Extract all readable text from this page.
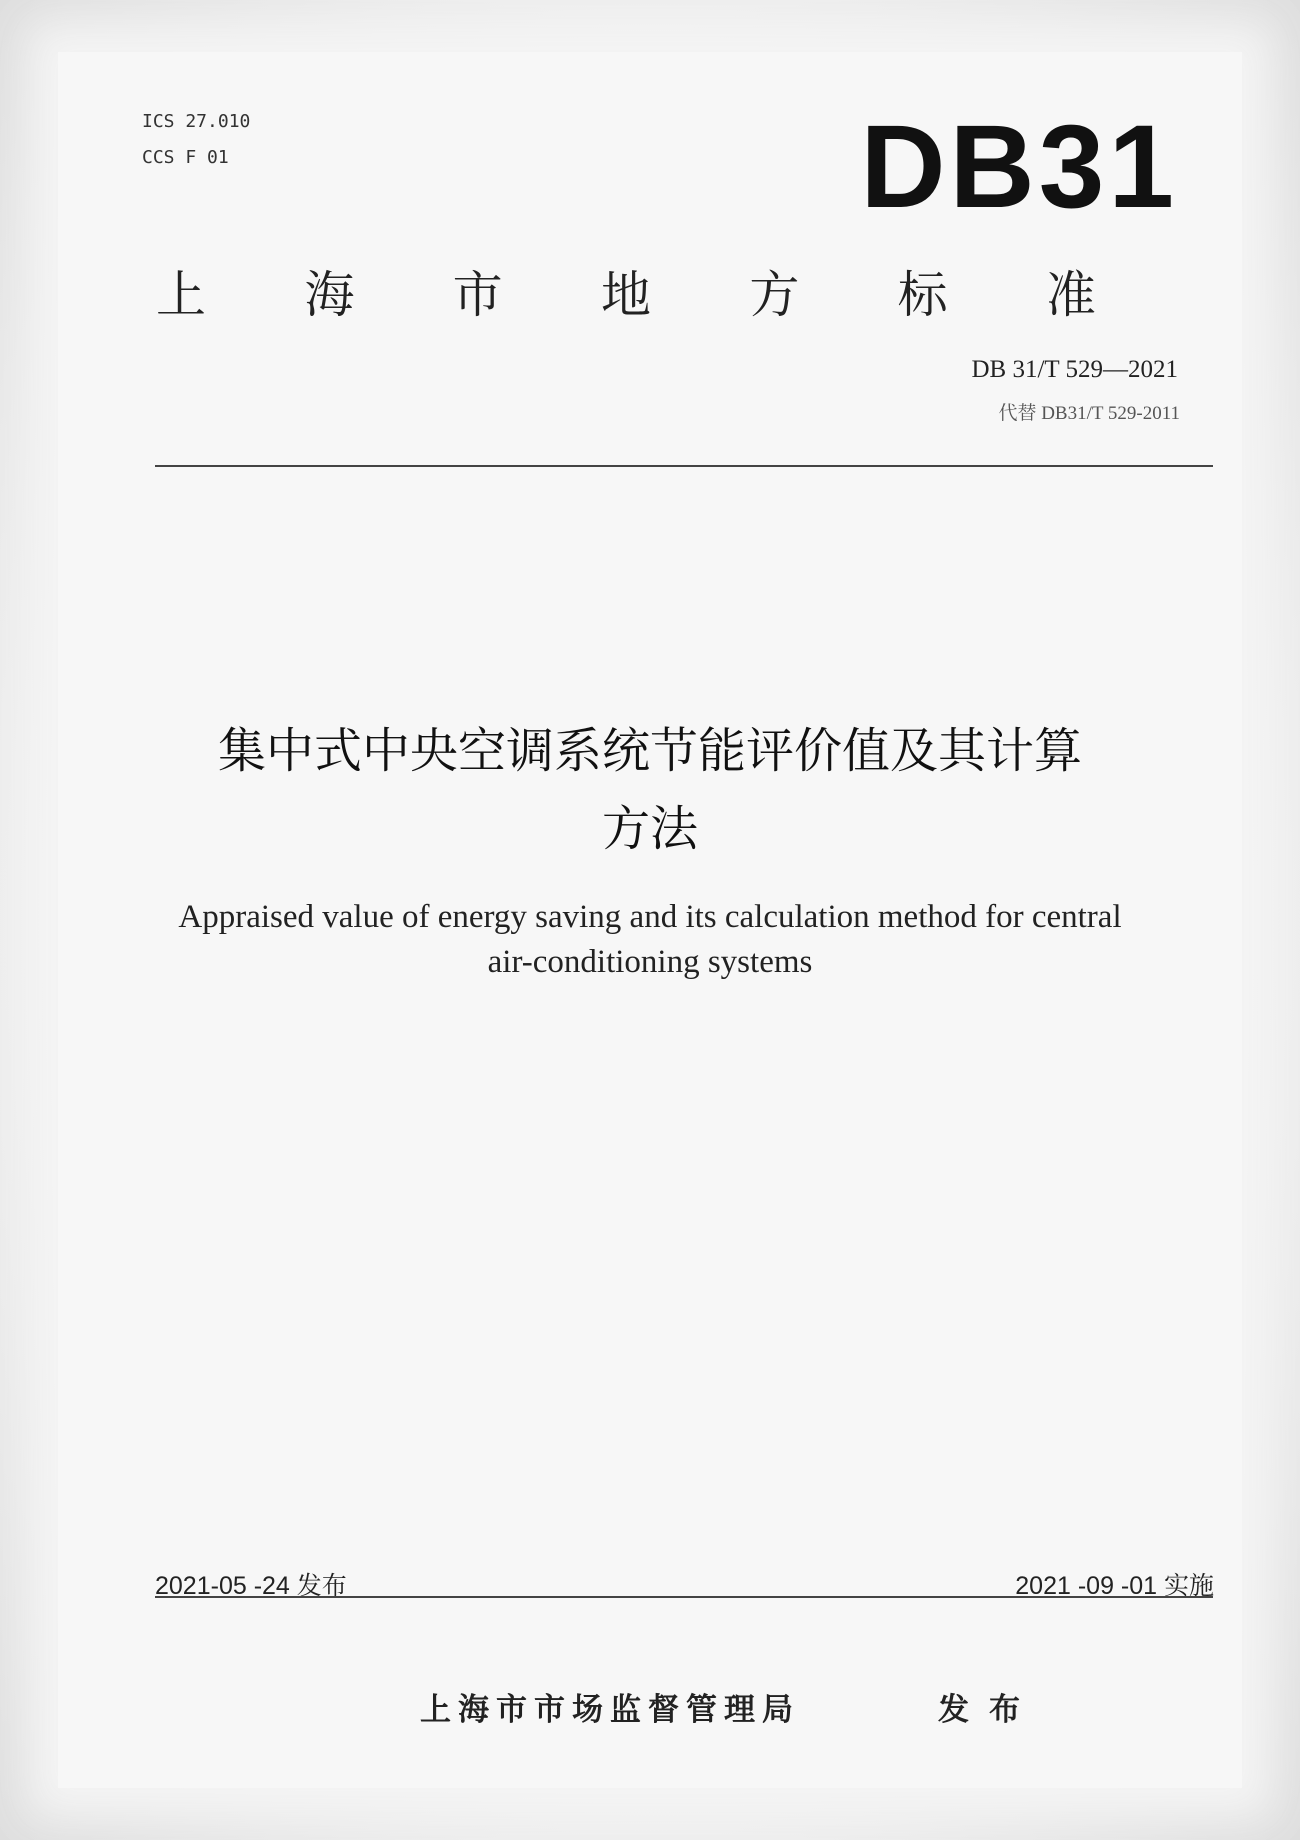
ICS 27.010
CCS F 01	DB31
上 海 市 地 方 标 准
DB 31/T 529—2021
代替 DB31/T 529-2011
集中式中央空调系统节能评价值及其计算
方法
Appraised value of energy saving and its calculation method for central
air-conditioning systems
2021-05 -24 发布	2021 -09 -01 实施
上海市市场监督管理局	发布
